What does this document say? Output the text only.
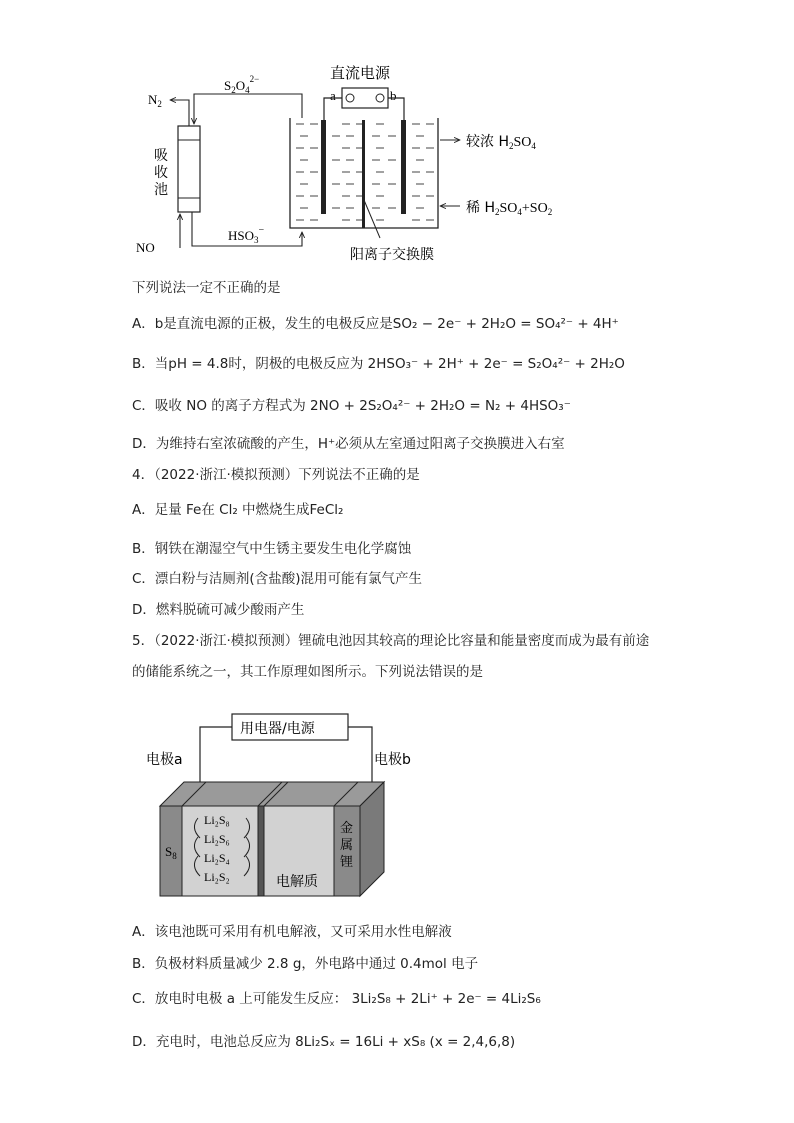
直流电源
a	b
阳离子交换膜
吸
收
池
$N_2$
NO
$S_2O_4^{2-}$
$HSO_3^-$
较浓 $H_2SO_4$
稀 $H_2SO_4+SO_2$
下列说法一定不正确的是
A．b是直流电源的正极，发生的电极反应是SO₂ − 2e⁻ + 2H₂O = SO₄²⁻ + 4H⁺
B．当pH = 4.8时，阴极的电极反应为 2HSO₃⁻ + 2H⁺ + 2e⁻ = S₂O₄²⁻ + 2H₂O
C．吸收 NO 的离子方程式为 2NO + 2S₂O₄²⁻ + 2H₂O = N₂ + 4HSO₃⁻
D．为维持右室浓硫酸的产生，H⁺必须从左室通过阳离子交换膜进入右室
4．（2022·浙江·模拟预测）下列说法不正确的是
A．足量 Fe在 Cl₂ 中燃烧生成FeCl₂
B．钢铁在潮湿空气中生锈主要发生电化学腐蚀
C．漂白粉与洁厕剂(含盐酸)混用可能有氯气产生
D．燃料脱硫可减少酸雨产生
5．（2022·浙江·模拟预测）锂硫电池因其较高的理论比容量和能量密度而成为最有前途
的储能系统之一，其工作原理如图所示。下列说法错误的是
用电器/电源
电极a	电极b
$S_8$
Li₂S₈
Li₂S₆
Li₂S₄
Li₂S₂	电解质
金
属
锂
A．该电池既可采用有机电解液，又可采用水性电解液
B．负极材料质量减少 2.8 g，外电路中通过 0.4mol 电子
C．放电时电极 a 上可能发生反应： 3Li₂S₈ + 2Li⁺ + 2e⁻ = 4Li₂S₆
D．充电时，电池总反应为 8Li₂Sₓ = 16Li + xS₈ (x = 2,4,6,8)
